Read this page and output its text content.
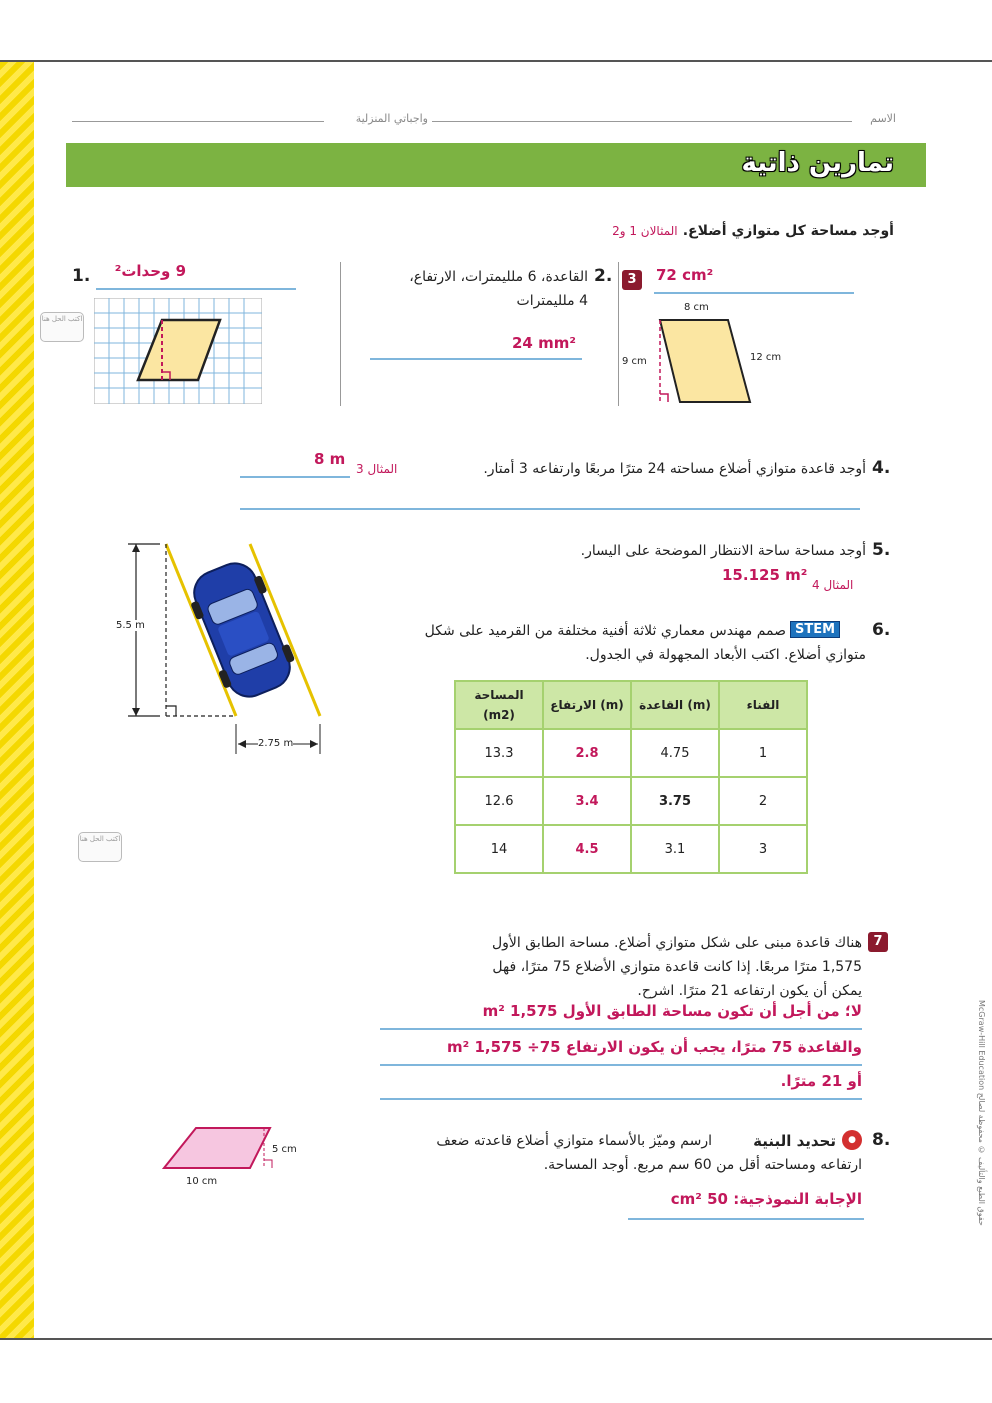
واجباتي المنزلية	الاسم
تمارين ذاتية
أوجد مساحة كل متوازي أضلاع. المثالان 1 و2
1.	9 وحدات²
اكتب الحل هنا
2.
القاعدة، 6 ملليمترات، الارتفاع،
4 ملليمترات
24 mm²
3	72 cm²
8 cm
9 cm	12 cm
4.
أوجد قاعدة متوازي أضلاع مساحته 24 مترًا مربعًا وارتفاعه 3 أمتار.
المثال 3
8 m
5.5 m
2.75 m
5.
أوجد مساحة ساحة الانتظار الموضحة على اليسار.
المثال 4
15.125 m²
6.
STEM
صمم مهندس معماري ثلاثة أفنية مختلفة من القرميد على شكل
متوازي أضلاع. اكتب الأبعاد المجهولة في الجدول.
المساحة (m2)	الارتفاع (m)	القاعدة (m)	الفناء
13.3	2.8	4.75	1
12.6	3.4	3.75	2
14	4.5	3.1	3
اكتب الحل هنا
7
هناك قاعدة مبنى على شكل متوازي أضلاع. مساحة الطابق الأول
1,575 مترًا مربعًا. إذا كانت قاعدة متوازي الأضلاع 75 مترًا، فهل
يمكن أن يكون ارتفاعه 21 مترًا. اشرح.
لا؛ من أجل أن تكون مساحة الطابق الأول 1,575 m²
والقاعدة 75 مترًا، يجب أن يكون الارتفاع 75÷ 1,575 m²
أو 21 مترًا.
5 cm
10 cm
8.
●
تحديد البنية
ارسم وميّز بالأسماء متوازي أضلاع قاعدته ضعف
ارتفاعه ومساحته أقل من 60 سم مربع. أوجد المساحة.
الإجابة النموذجية: 50 cm²
McGraw-Hill Education حقوق الطبع والتأليف © محفوظة لصالح
